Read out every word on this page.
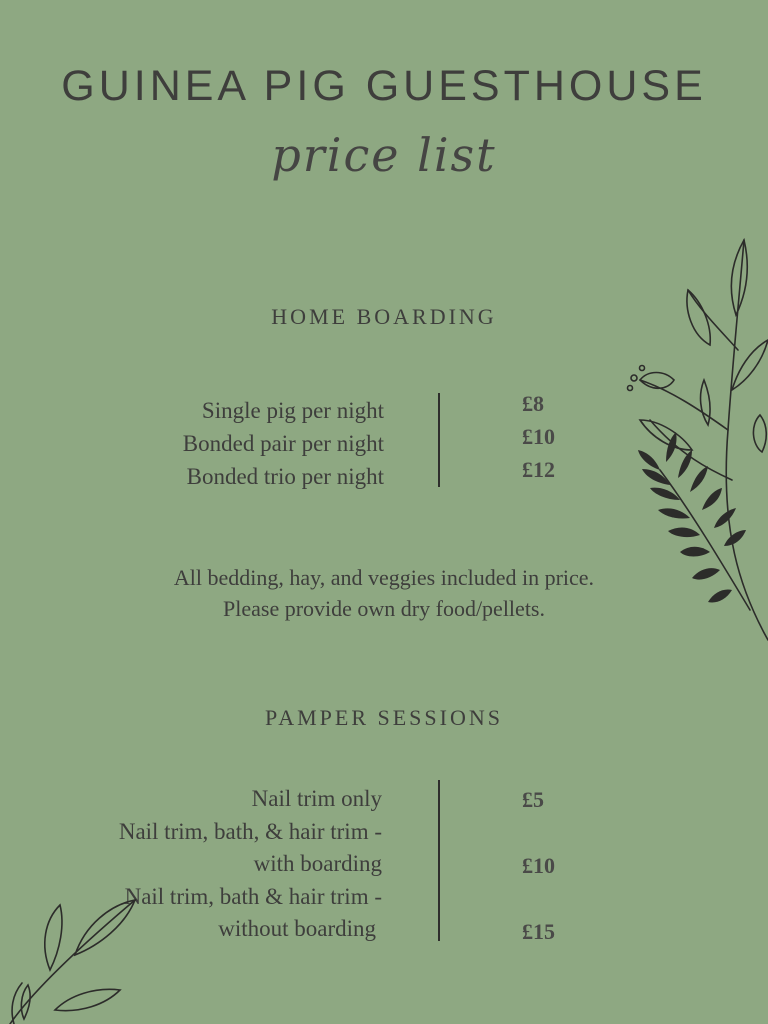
GUINEA PIG GUESTHOUSE
price list
HOME BOARDING
Single pig per night
Bonded pair per night
Bonded trio per night
£8
£10
£12
All bedding, hay, and veggies included in price.
Please provide own dry food/pellets.
PAMPER SESSIONS
Nail trim only
Nail trim, bath, & hair trim -
with boarding
Nail trim, bath & hair trim -
without boarding
£5
£10
£15
